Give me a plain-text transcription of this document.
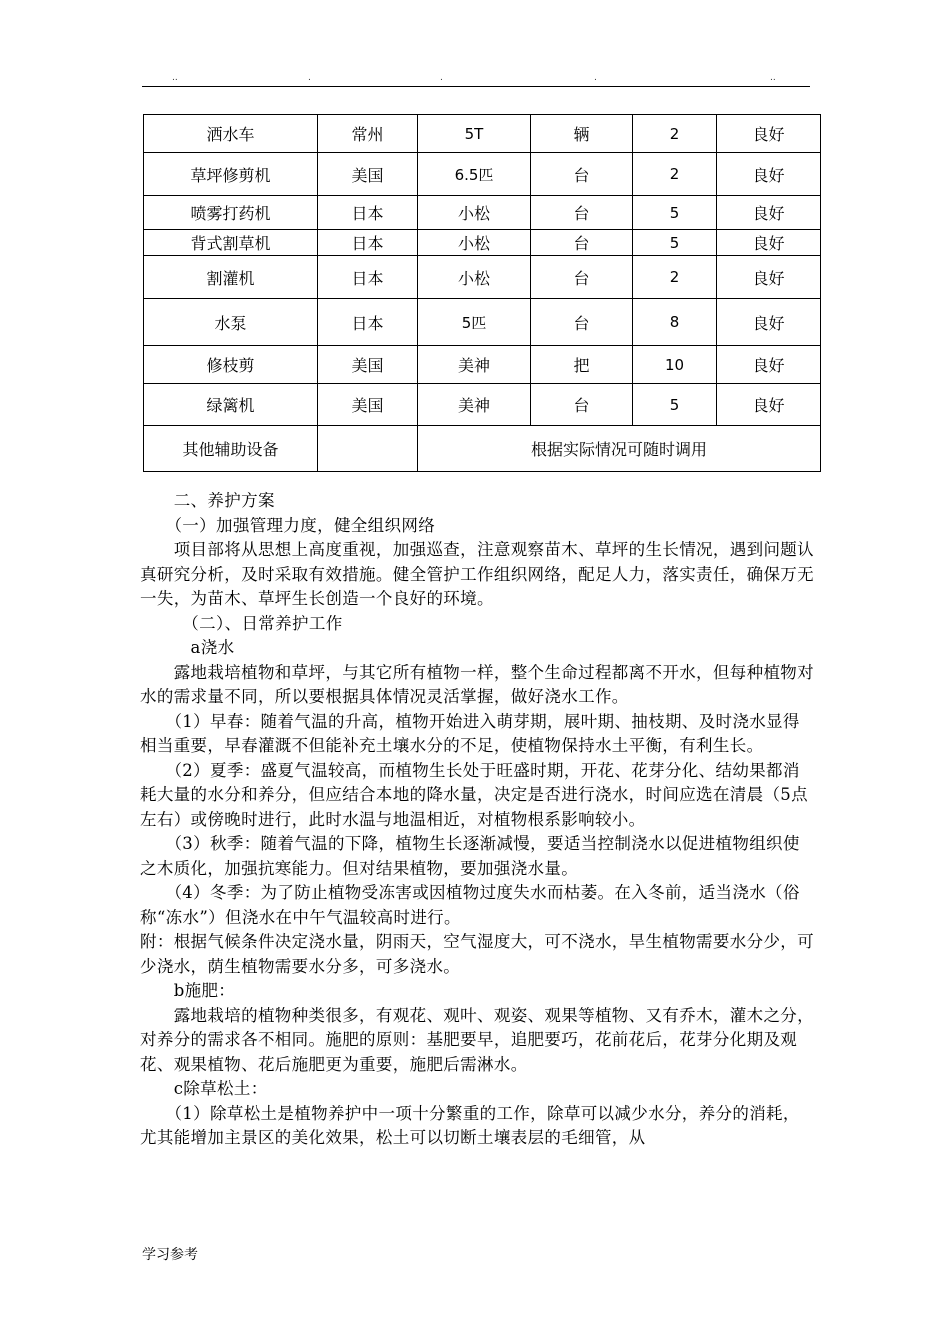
..	.	.	.	..
洒水车	常州	5T	辆	2	良好
草坪修剪机	美国	6.5匹	台	2	良好
喷雾打药机	日本	小松	台	5	良好
背式割草机	日本	小松	台	5	良好
割灌机	日本	小松	台	2	良好
水泵	日本	5匹	台	8	良好
修枝剪	美国	美神	把	10	良好
绿篱机	美国	美神	台	5	良好
其他辅助设备		根据实际情况可随时调用			

　　二、养护方案

　　（一）加强管理力度，健全组织网络

　　项目部将从思想上高度重视，加强巡查，注意观察苗木、草坪的生长情况，遇到问题认真研究分析，及时采取有效措施。健全管护工作组织网络，配足人力，落实责任，确保万无一失，为苗木、草坪生长创造一个良好的环境。

　　　（二）、日常养护工作

　　　a浇水

　　露地栽培植物和草坪，与其它所有植物一样，整个生命过程都离不开水，但每种植物对水的需求量不同，所以要根据具体情况灵活掌握，做好浇水工作。

　　（1）早春：随着气温的升高，植物开始进入萌芽期，展叶期、抽枝期、及时浇水显得相当重要，早春灌溉不但能补充土壤水分的不足，使植物保持水土平衡，有利生长。

　　（2）夏季：盛夏气温较高，而植物生长处于旺盛时期，开花、花芽分化、结幼果都消耗大量的水分和养分，但应结合本地的降水量，决定是否进行浇水，时间应选在清晨（5点左右）或傍晚时进行，此时水温与地温相近，对植物根系影响较小。

　　（3）秋季：随着气温的下降，植物生长逐渐减慢，要适当控制浇水以促进植物组织使之木质化，加强抗寒能力。但对结果植物，要加强浇水量。

　　（4）冬季：为了防止植物受冻害或因植物过度失水而枯萎。在入冬前，适当浇水（俗称“冻水”）但浇水在中午气温较高时进行。

附：根据气候条件决定浇水量，阴雨天，空气湿度大，可不浇水，旱生植物需要水分少，可少浇水，荫生植物需要水分多，可多浇水。

　　b施肥：

　　露地栽培的植物种类很多，有观花、观叶、观姿、观果等植物、又有乔木，灌木之分，对养分的需求各不相同。施肥的原则：基肥要早，追肥要巧，花前花后，花芽分化期及观花、观果植物、花后施肥更为重要，施肥后需淋水。

　　c除草松土：

　　（1）除草松土是植物养护中一项十分繁重的工作，除草可以减少水分，养分的消耗，尤其能增加主景区的美化效果，松土可以切断土壤表层的毛细管，从

学习参考
